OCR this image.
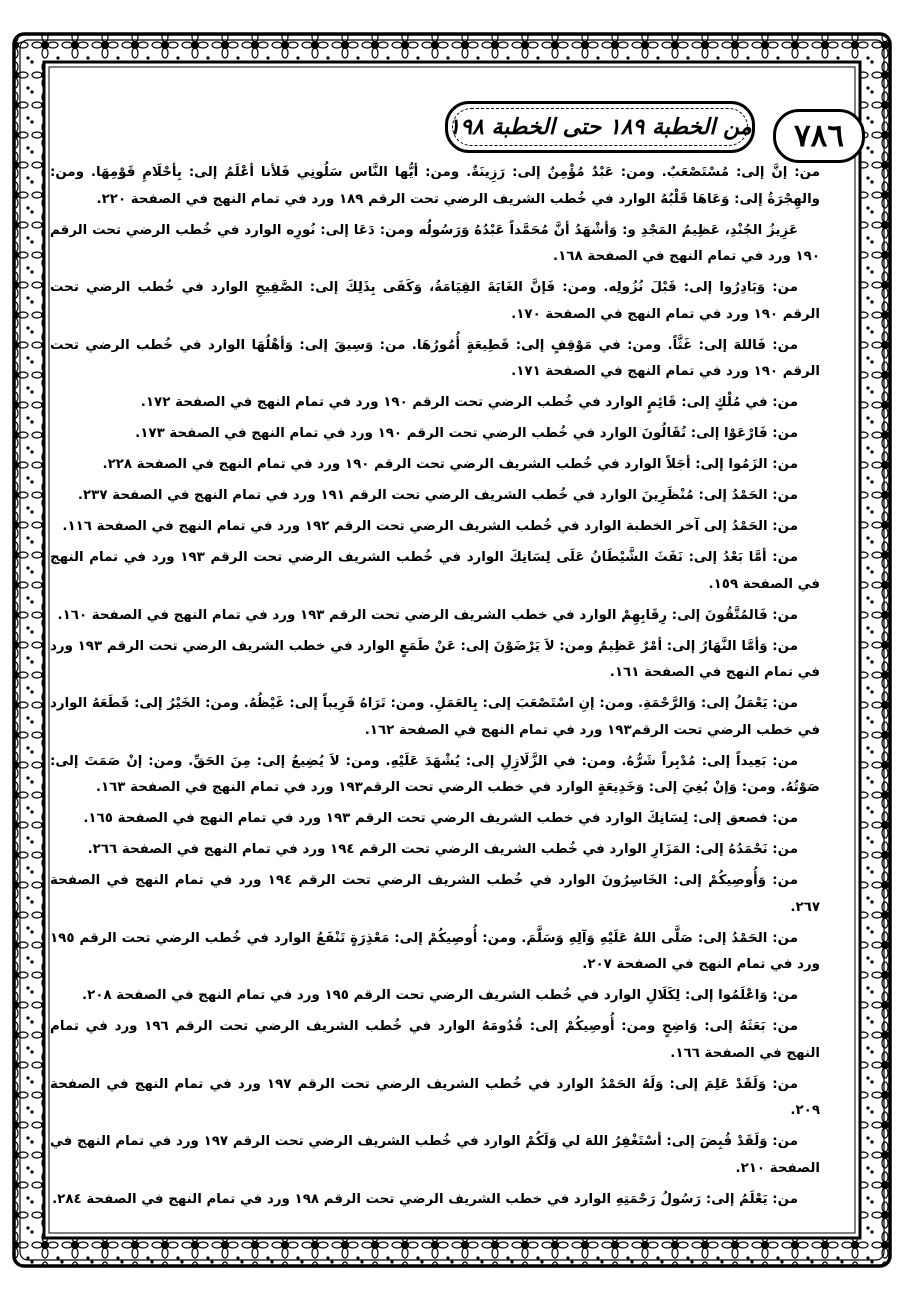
٧٨٦
من الخطبة ١٨٩ حتى الخطبة ١٩٨

من: إنَّ إلى: مُسْتَصْعَبٌ. ومن: عَبْدٌ مُؤْمِنٌ إلى: رَزِينَةٌ. ومن: أيُّها النَّاس سَلُونِي فَلأنا أعْلَمُ إلى: بِأحْلَامِ قَوْمِهَا. ومن: والهِجْرَةُ إلى: وَعَاهَا قَلْبُهُ الوارد في خُطب الشريف الرضي تحت الرقم ١٨٩ ورد في تمام النهج في الصفحة ٢٢٠.

عَزِيزُ الجُنْدِ، عَظِيمُ المَجْدِ و: وَأشْهَدُ أنَّ مُحَمَّداً عَبْدُهُ وَرَسُولُه ومن: دَعَا إلى: نُورِه الوارد في خُطب الرضي تحت الرقم ١٩٠ ورد في تمام النهج في الصفحة ١٦٨.

من: وَبَادِرُوا إلى: قَبْلَ نُزُولِه. ومن: فَإنَّ الغَايَةَ القِيَامَةُ، وَكَفَى بِذَلِكَ إلى: الصَّفِيحِ الوارد في خُطب الرضي تحت الرقم ١٩٠ ورد في تمام النهج في الصفحة ١٧٠.

من: فَاللهَ إلى: غَثَّاً. ومن: في مَوْقِفٍ إلى: قَطِيعَةٍ أُمُورُهَا. من: وَسِيقَ إلى: وَأهْلُهَا الوارد في خُطب الرضي تحت الرقم ١٩٠ ورد في تمام النهج في الصفحة ١٧١.

من: في مُلْكٍ إلى: قَائِمٍ الوارد في خُطب الرضي تحت الرقم ١٩٠ ورد في تمام النهج في الصفحة ١٧٢.

من: فَارْعَوْا إلى: تُقَالُونَ الوارد في خُطب الرضي تحت الرقم ١٩٠ ورد في تمام النهج في الصفحة ١٧٣.

من: الزَمُوا إلى: أجَلاً الوارد في خُطب الشريف الرضي تحت الرقم ١٩٠ ورد في تمام النهج في الصفحة ٢٢٨.

من: الحَمْدُ إلى: مُنْظَرِينَ الوارد في خُطب الشريف الرضي تحت الرقم ١٩١ ورد في تمام النهج في الصفحة ٢٣٧.

من: الحَمْدُ إلى آخر الخطبة الوارد في خُطب الشريف الرضي تحت الرقم ١٩٢ ورد في تمام النهج في الصفحة ١١٦.

من: أمَّا بَعْدُ إلى: نَفَثَ الشَّيْطَانُ عَلَى لِسَانِكَ الوارد في خُطب الشريف الرضي تحت الرقم ١٩٣ ورد في تمام النهج في الصفحة ١٥٩.

من: فَالمُتَّقُونَ إلى: رِقَابِهِمْ الوارد في خطب الشريف الرضي تحت الرقم ١٩٣ ورد في تمام النهج في الصفحة ١٦٠.

من: وَأمَّا النَّهَارُ إلى: أمْرٌ عَظِيمٌ ومن: لاَ يَرْضَوْنَ إلى: عَنْ طَمَعٍ الوارد في خطب الشريف الرضي تحت الرقم ١٩٣ ورد في تمام النهج في الصفحة ١٦١.

من: يَعْمَلُ إلى: وَالرَّحْمَةِ. ومن: إنِ اسْتَصْعَبَ إلى: بِالعَمَلِ. ومن: تَرَاهُ قَرِيباً إلى: غَيْظُهُ. ومن: الخَيْرُ إلى: قَطَعَهُ الوارد في خطب الرضي تحت الرقم١٩٣ ورد في تمام النهج في الصفحة ١٦٢.

من: بَعِيداً إلى: مُدْبِراً شَرُّهُ. ومن: في الزَّلَازِلِ إلى: يُشْهَدَ عَلَيْهِ. ومن: لاَ يُضِيعُ إلى: مِنَ الحَقِّ. ومن: إنْ صَمَتَ إلى: صَوْتُهُ. ومن: وَإنْ بُغِيَ إلى: وَخَدِيعَةٍ الوارد في خطب الرضي تحت الرقم١٩٣ ورد في تمام النهج في الصفحة ١٦٣.

من: فصعق إلى: لِسَانِكَ الوارد في خطب الشريف الرضي تحت الرقم ١٩٣ ورد في تمام النهج في الصفحة ١٦٥.

من: نَحْمَدُهُ إلى: المَزَارِ الوارد في خُطب الشريف الرضي تحت الرقم ١٩٤ ورد في تمام النهج في الصفحة ٢٦٦.

من: وَأُوصِيكُمْ إلى: الخَاسِرُونَ الوارد في خُطب الشريف الرضي تحت الرقم ١٩٤ ورد في تمام النهج في الصفحة ٢٦٧.

من: الحَمْدُ إلى: صَلَّى اللهُ عَلَيْهِ وَآلِهِ وَسَلَّمَ. ومن: أُوصِيكُمْ إلى: مَعْذِرَةٍ تَنْفَعُ الوارد في خُطب الرضي تحت الرقم ١٩٥ ورد في تمام النهج في الصفحة ٢٠٧.

من: وَاعْلَمُوا إلى: لِكَلَالِ الوارد في خُطب الشريف الرضي تحت الرقم ١٩٥ ورد في تمام النهج في الصفحة ٢٠٨.

من: بَعَثَهُ إلى: وَاضِحٍ ومن: أُوصِيكُمْ إلى: قُدُومَهُ الوارد في خُطب الشريف الرضي تحت الرقم ١٩٦ ورد في تمام النهج في الصفحة ١٦٦.

من: وَلَقَدْ عَلِمَ إلى: وَلَهُ الحَمْدُ الوارد في خُطب الشريف الرضي تحت الرقم ١٩٧ ورد في تمام النهج في الصفحة ٢٠٩.

من: وَلَقَدْ قُبِضَ إلى: أسْتَغْفِرُ اللهَ لي وَلَكُمْ الوارد في خُطب الشريف الرضي تحت الرقم ١٩٧ ورد في تمام النهج في الصفحة ٢١٠.

من: يَعْلَمُ إلى: رَسُولُ رَحْمَتِهِ الوارد في خطب الشريف الرضي تحت الرقم ١٩٨ ورد في تمام النهج في الصفحة ٢٨٤.
